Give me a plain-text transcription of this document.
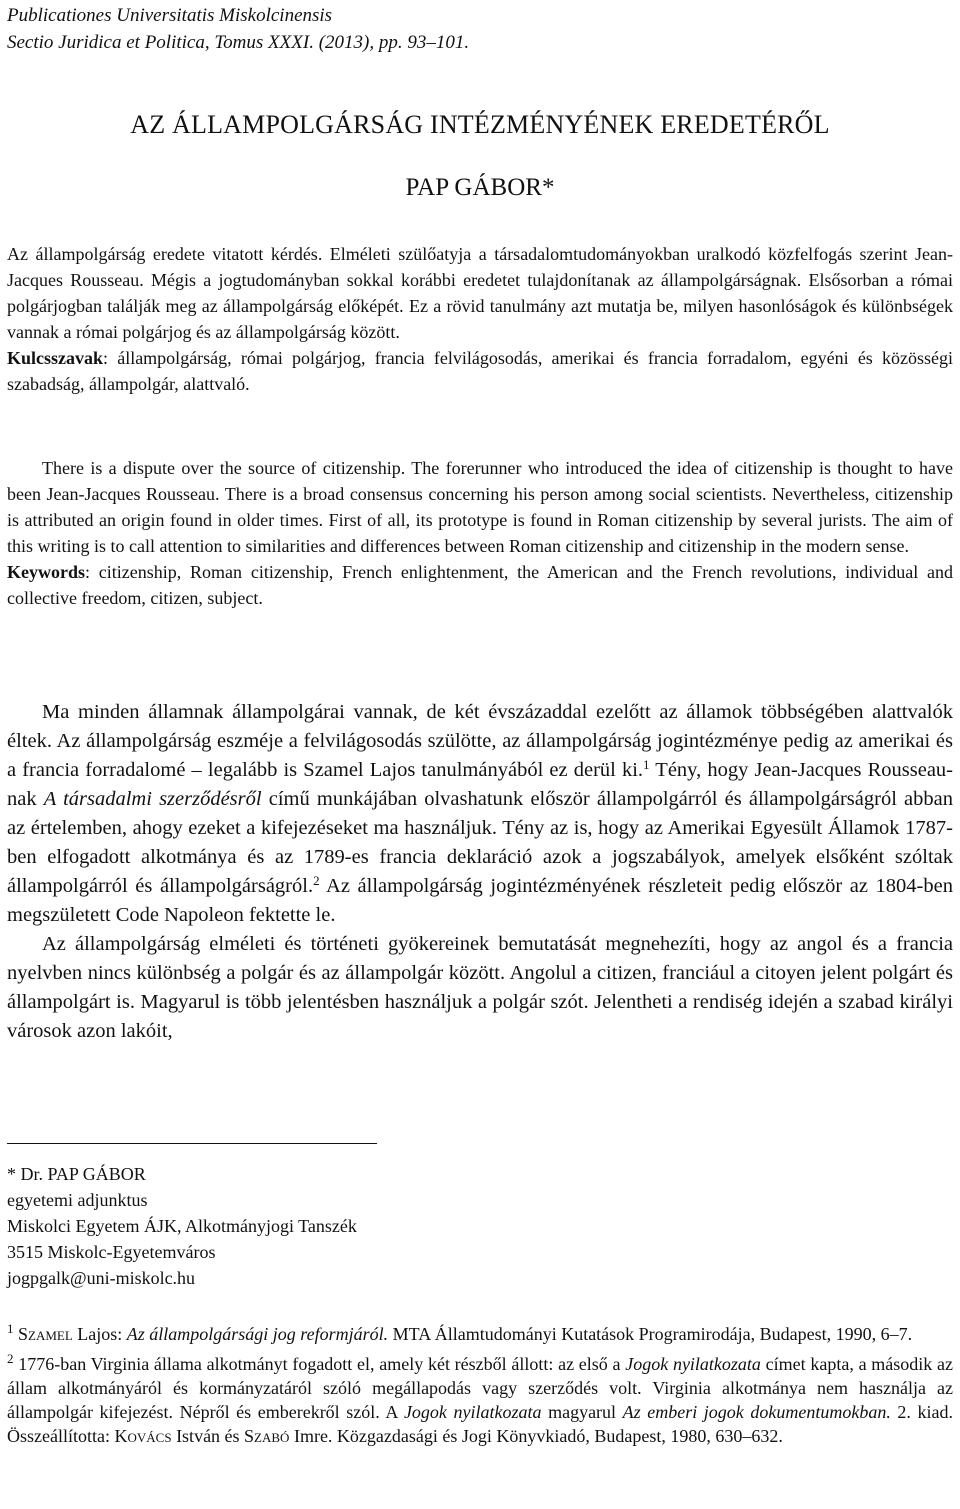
Publicationes Universitatis Miskolcinensis
Sectio Juridica et Politica, Tomus XXXI. (2013), pp. 93–101.
AZ ÁLLAMPOLGÁRSÁG INTÉZMÉNYÉNEK EREDETÉRŐL
PAP GÁBOR*

Az állampolgárság eredete vitatott kérdés. Elméleti szülőatyja a társadalomtudományokban uralkodó közfelfogás szerint Jean-Jacques Rousseau. Mégis a jogtudományban sokkal korábbi eredetet tulajdonítanak az állampolgárságnak. Elsősorban a római polgárjogban találják meg az állampolgárság előképét. Ez a rövid tanulmány azt mutatja be, milyen hasonlóságok és különbségek vannak a római polgárjog és az állampolgárság között.

Kulcsszavak: állampolgárság, római polgárjog, francia felvilágosodás, amerikai és francia forradalom, egyéni és közösségi szabadság, állampolgár, alattvaló.

There is a dispute over the source of citizenship. The forerunner who introduced the idea of citizenship is thought to have been Jean-Jacques Rousseau. There is a broad consensus concerning his person among social scientists. Nevertheless, citizenship is attributed an origin found in older times. First of all, its prototype is found in Roman citizenship by several jurists. The aim of this writing is to call attention to similarities and differences between Roman citizenship and citizenship in the modern sense.

Keywords: citizenship, Roman citizenship, French enlightenment, the American and the French revolutions, individual and collective freedom, citizen, subject.

Ma minden államnak állampolgárai vannak, de két évszázaddal ezelőtt az államok többségében alattvalók éltek. Az állampolgárság eszméje a felvilágosodás szülötte, az állampolgárság jogintézménye pedig az amerikai és a francia forradalomé – legalább is Szamel Lajos tanulmányából ez derül ki.$^1$ Tény, hogy Jean-Jacques Rousseau-nak A társadalmi szerződésről című munkájában olvashatunk először állampolgárról és állampolgárságról abban az értelemben, ahogy ezeket a kifejezéseket ma használjuk. Tény az is, hogy az Amerikai Egyesült Államok 1787-ben elfogadott alkotmánya és az 1789-es francia deklaráció azok a jogszabályok, amelyek elsőként szóltak állampolgárról és állampolgárságról.$^2$ Az állampolgárság jogintézményének részleteit pedig először az 1804-ben megszületett Code Napoleon fektette le.

Az állampolgárság elméleti és történeti gyökereinek bemutatását megnehezíti, hogy az angol és a francia nyelvben nincs különbség a polgár és az állampolgár között. Angolul a citizen, franciául a citoyen jelent polgárt és állampolgárt is. Magyarul is több jelentésben használjuk a polgár szót. Jelentheti a rendiség idején a szabad királyi városok azon lakóit,

* Dr. PAP GÁBOR
egyetemi adjunktus
Miskolci Egyetem ÁJK, Alkotmányjogi Tanszék
3515 Miskolc-Egyetemváros
jogpgalk@uni-miskolc.hu

$^1$ Szamel Lajos: Az állampolgársági jog reformjáról. MTA Államtudományi Kutatások Programirodája, Budapest, 1990, 6–7.

$^2$ 1776-ban Virginia állama alkotmányt fogadott el, amely két részből állott: az első a Jogok nyilatkozata címet kapta, a második az állam alkotmányáról és kormányzatáról szóló megállapodás vagy szerződés volt. Virginia alkotmánya nem használja az állampolgár kifejezést. Népről és emberekről szól. A Jogok nyilatkozata magyarul Az emberi jogok dokumentumokban. 2. kiad. Összeállította: Kovács István és Szabó Imre. Közgazdasági és Jogi Könyvkiadó, Budapest, 1980, 630–632.
